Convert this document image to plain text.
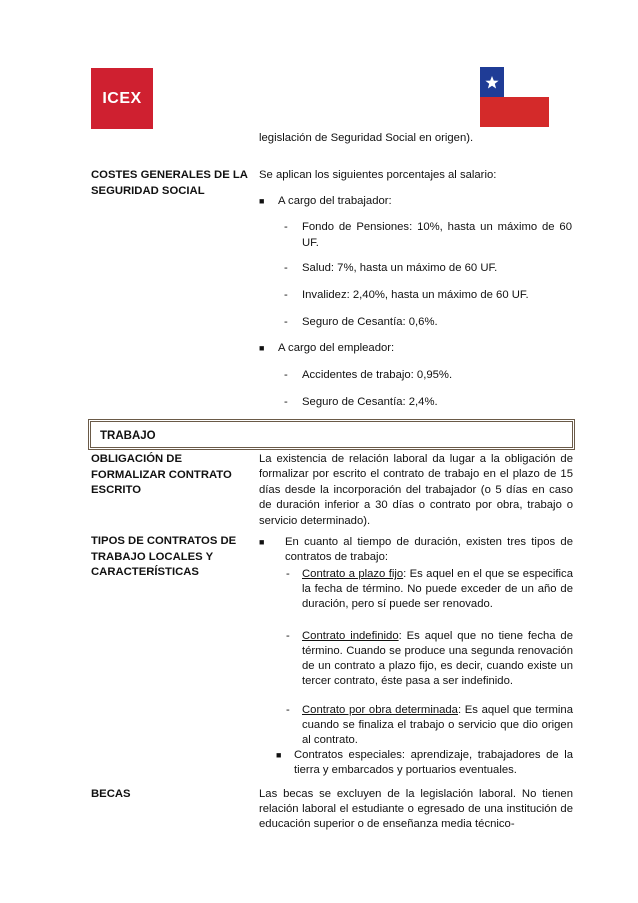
ICEX
legislación de Seguridad Social en origen).
COSTES GENERALES DE LA
SEGURIDAD SOCIAL
Se aplican los siguientes porcentajes al salario:
■ A cargo del trabajador:
- Fondo de Pensiones: 10%, hasta un máximo de 60
UF.
- Salud: 7%, hasta un máximo de 60 UF.
- Invalidez: 2,40%, hasta un máximo de 60 UF.
- Seguro de Cesantía: 0,6%.
■ A cargo del empleador:
- Accidentes de trabajo: 0,95%.
- Seguro de Cesantía: 2,4%.
TRABAJO
OBLIGACIÓN DE
FORMALIZAR CONTRATO
ESCRITO
La existencia de relación laboral da lugar a la obligación de formalizar por escrito el contrato de trabajo en el plazo de 15 días desde la incorporación del trabajador (o 5 días en caso de duración inferior a 30 días o contrato por obra, trabajo o servicio determinado).
TIPOS DE CONTRATOS DE
TRABAJO LOCALES Y
CARACTERÍSTICAS
■ En cuanto al tiempo de duración, existen tres tipos de contratos de trabajo:
- Contrato a plazo fijo: Es aquel en el que se especifica la fecha de término. No puede exceder de un año de duración, pero sí puede ser renovado.
- Contrato indefinido: Es aquel que no tiene fecha de término. Cuando se produce una segunda renovación de un contrato a plazo fijo, es decir, cuando existe un tercer contrato, éste pasa a ser indefinido.
- Contrato por obra determinada: Es aquel que termina cuando se finaliza el trabajo o servicio que dio origen al contrato.
■ Contratos especiales: aprendizaje, trabajadores de la tierra y embarcados y portuarios eventuales.
BECAS	Las becas se excluyen de la legislación laboral. No tienen relación laboral el estudiante o egresado de una institución de educación superior o de enseñanza media técnico-
